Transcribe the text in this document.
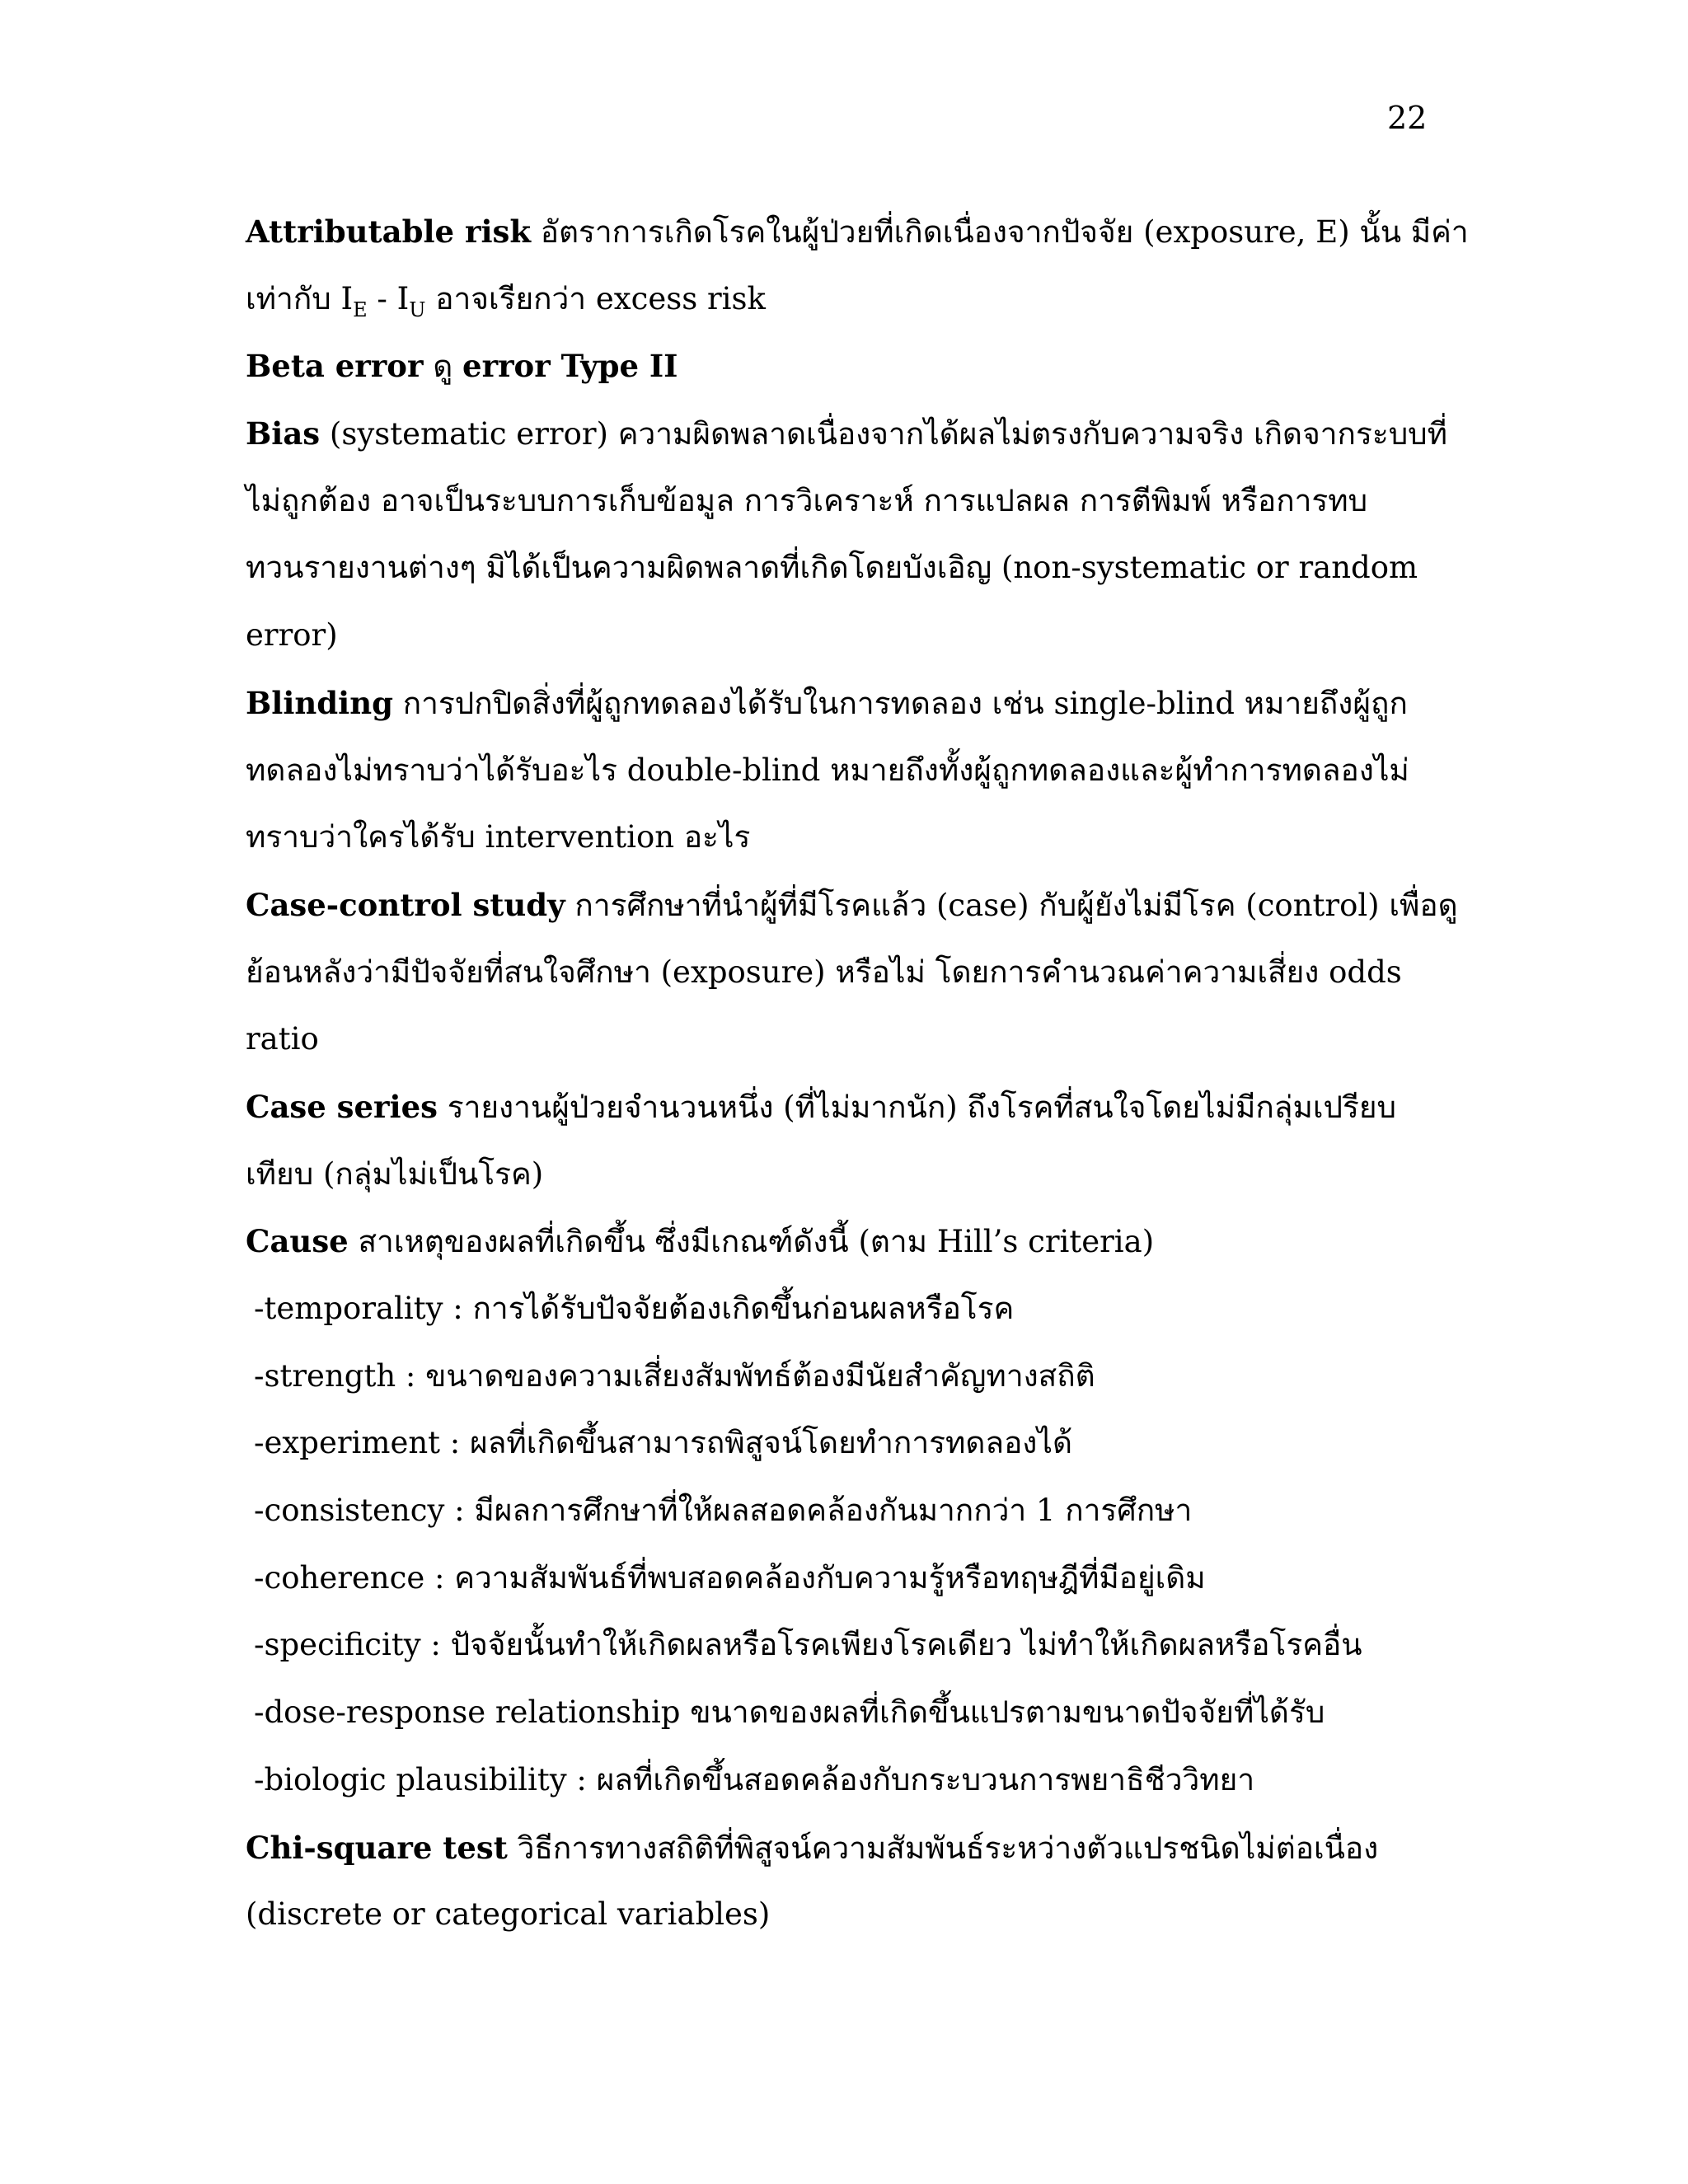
22
Attributable risk อัตราการเกิดโรคในผู้ป่วยที่เกิดเนื่องจากปัจจัย (exposure, E) นั้น มีค่า
เท่ากับ $I_E - I_U$ อาจเรียกว่า excess risk
Beta error ดู error Type II
Bias (systematic error) ความผิดพลาดเนื่องจากได้ผลไม่ตรงกับความจริง เกิดจากระบบที่
ไม่ถูกต้อง อาจเป็นระบบการเก็บข้อมูล การวิเคราะห์ การแปลผล การตีพิมพ์ หรือการทบ
ทวนรายงานต่างๆ มิได้เป็นความผิดพลาดที่เกิดโดยบังเอิญ (non-systematic or random
error)
Blinding การปกปิดสิ่งที่ผู้ถูกทดลองได้รับในการทดลอง เช่น single-blind หมายถึงผู้ถูก
ทดลองไม่ทราบว่าได้รับอะไร double-blind หมายถึงทั้งผู้ถูกทดลองและผู้ทำการทดลองไม่
ทราบว่าใครได้รับ intervention อะไร
Case-control study การศึกษาที่นำผู้ที่มีโรคแล้ว (case) กับผู้ยังไม่มีโรค (control) เพื่อดู
ย้อนหลังว่ามีปัจจัยที่สนใจศึกษา (exposure) หรือไม่ โดยการคำนวณค่าความเสี่ยง odds
ratio
Case series รายงานผู้ป่วยจำนวนหนึ่ง (ที่ไม่มากนัก) ถึงโรคที่สนใจโดยไม่มีกลุ่มเปรียบ
เทียบ (กลุ่มไม่เป็นโรค)
Cause สาเหตุของผลที่เกิดขึ้น ซึ่งมีเกณฑ์ดังนี้ (ตาม Hill’s criteria)
-temporality : การได้รับปัจจัยต้องเกิดขึ้นก่อนผลหรือโรค
-strength : ขนาดของความเสี่ยงสัมพัทธ์ต้องมีนัยสำคัญทางสถิติ
-experiment : ผลที่เกิดขึ้นสามารถพิสูจน์โดยทำการทดลองได้
-consistency : มีผลการศึกษาที่ให้ผลสอดคล้องกันมากกว่า 1 การศึกษา
-coherence : ความสัมพันธ์ที่พบสอดคล้องกับความรู้หรือทฤษฎีที่มีอยู่เดิม
-specificity : ปัจจัยนั้นทำให้เกิดผลหรือโรคเพียงโรคเดียว ไม่ทำให้เกิดผลหรือโรคอื่น
-dose-response relationship ขนาดของผลที่เกิดขึ้นแปรตามขนาดปัจจัยที่ได้รับ
-biologic plausibility : ผลที่เกิดขึ้นสอดคล้องกับกระบวนการพยาธิชีววิทยา
Chi-square test วิธีการทางสถิติที่พิสูจน์ความสัมพันธ์ระหว่างตัวแปรชนิดไม่ต่อเนื่อง
(discrete or categorical variables)
